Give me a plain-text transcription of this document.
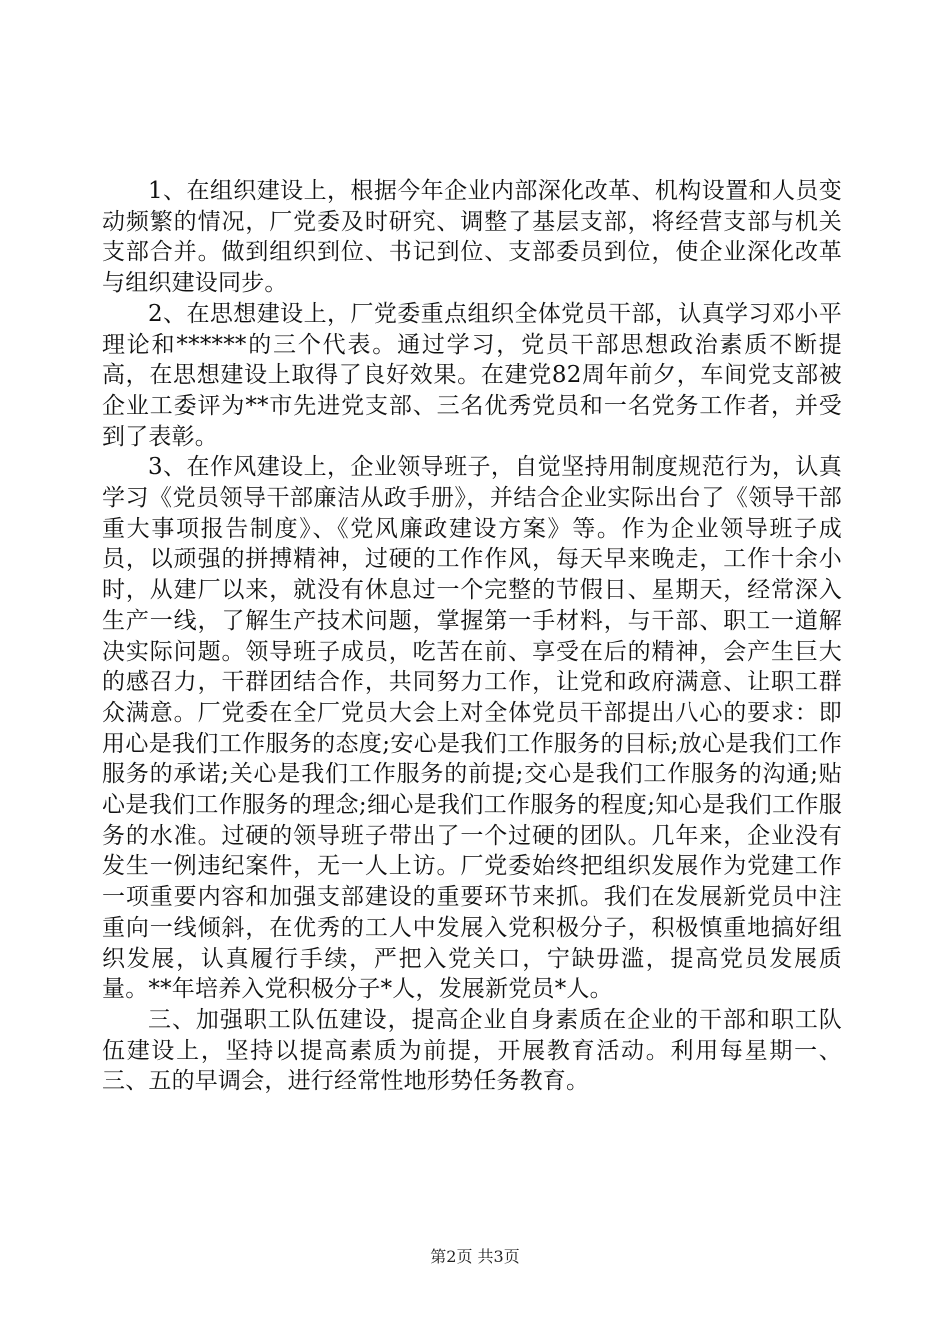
1、在组织建设上，根据今年企业内部深化改革、机构设置和人员变动频繁的情况，厂党委及时研究、调整了基层支部，将经营支部与机关支部合并。做到组织到位、书记到位、支部委员到位，使企业深化改革与组织建设同步。

2、在思想建设上，厂党委重点组织全体党员干部，认真学习邓小平理论和******的三个代表。通过学习，党员干部思想政治素质不断提高，在思想建设上取得了良好效果。在建党82周年前夕，车间党支部被企业工委评为**市先进党支部、三名优秀党员和一名党务工作者，并受到了表彰。

3、在作风建设上，企业领导班子，自觉坚持用制度规范行为，认真学习《党员领导干部廉洁从政手册》，并结合企业实际出台了《领导干部重大事项报告制度》、《党风廉政建设方案》等。作为企业领导班子成员，以顽强的拼搏精神，过硬的工作作风，每天早来晚走，工作十余小时，从建厂以来，就没有休息过一个完整的节假日、星期天，经常深入生产一线，了解生产技术问题，掌握第一手材料，与干部、职工一道解决实际问题。领导班子成员，吃苦在前、享受在后的精神，会产生巨大的感召力，干群团结合作，共同努力工作，让党和政府满意、让职工群众满意。厂党委在全厂党员大会上对全体党员干部提出八心的要求：即用心是我们工作服务的态度;安心是我们工作服务的目标;放心是我们工作服务的承诺;关心是我们工作服务的前提;交心是我们工作服务的沟通;贴心是我们工作服务的理念;细心是我们工作服务的程度;知心是我们工作服务的水准。过硬的领导班子带出了一个过硬的团队。几年来，企业没有发生一例违纪案件，无一人上访。厂党委始终把组织发展作为党建工作一项重要内容和加强支部建设的重要环节来抓。我们在发展新党员中注重向一线倾斜，在优秀的工人中发展入党积极分子，积极慎重地搞好组织发展，认真履行手续，严把入党关口，宁缺毋滥，提高党员发展质量。**年培养入党积极分子*人，发展新党员*人。

三、加强职工队伍建设，提高企业自身素质在企业的干部和职工队伍建设上，坚持以提高素质为前提，开展教育活动。利用每星期一、三、五的早调会，进行经常性地形势任务教育。

第2页 共3页
